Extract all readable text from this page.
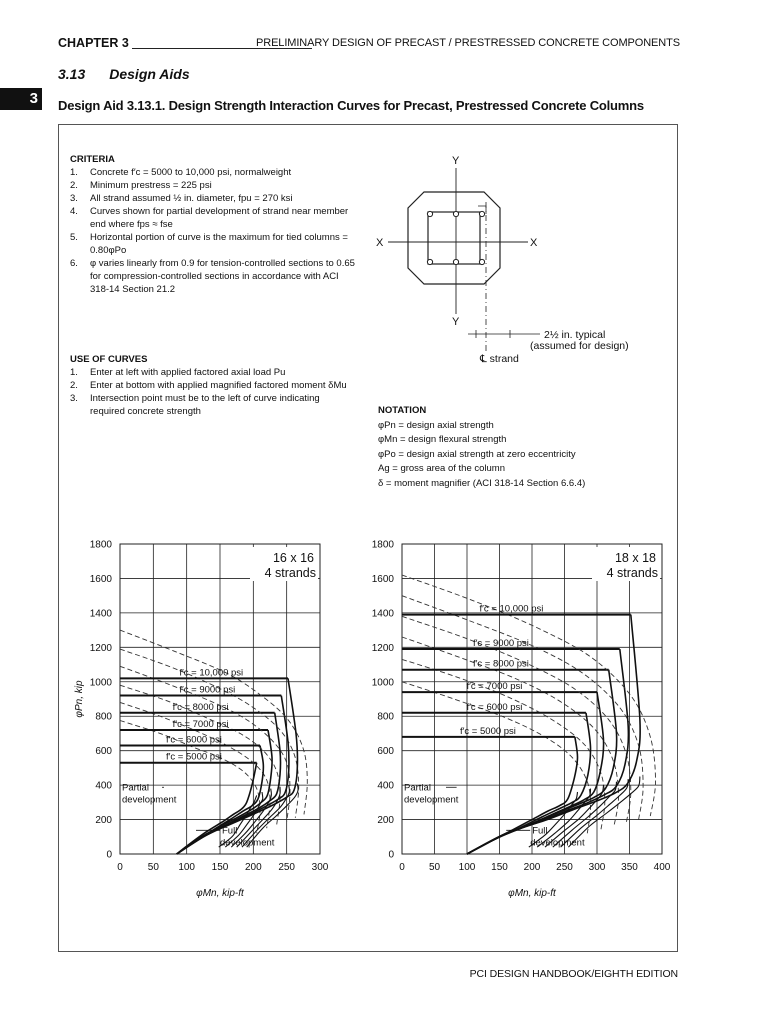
CHAPTER 3	PRELIMINARY DESIGN OF PRECAST / PRESTRESSED CONCRETE COMPONENTS
3.13 Design Aids
3	Design Aid 3.13.1. Design Strength Interaction Curves for Precast, Prestressed Concrete Columns
CRITERIA
1. Concrete f′c = 5000 to 10,000 psi, normalweight
2. Minimum prestress = 225 psi
3. All strand assumed ½ in. diameter, fpu = 270 ksi
4. Curves shown for partial development of strand near member end where fps ≈ fse
5. Horizontal portion of curve is the maximum for tied columns = 0.80φPo
6. φ varies linearly from 0.9 for tension-controlled sections to 0.65 for compression-controlled sections in accordance with ACI 318-14 Section 21.2
USE OF CURVES
1. Enter at left with applied factored axial load Pu
2. Enter at bottom with applied magnified factored moment δMu
3. Intersection point must be to the left of curve indicating required concrete strength	NOTATION
φPn = design axial strength
φMn = design flexural strength
φPo = design axial strength at zero eccentricity
Ag = gross area of the column
δ = moment magnifier (ACI 318-14 Section 6.6.4)
X	X
Y
Y
2½ in. typical
(assumed for design)
℄ strand
0 50 100 150 200 250 300
0
200
400
600
800
1000
1200
1400
1600
1800
16 x 16
4 strands
φMn, kip-ft
φPn, kip
f′c = 5000 psi
f′c = 6000 psi
f′c = 7000 psi
f′c = 8000 psi
f′c = 9000 psi
f′c = 10,000 psi
Partial
development
Full
development
0 50 100 150 200 250 300 350 400
0
200
400
600
800
1000
1200
1400
1600
1800
18 x 18
4 strands
φMn, kip-ft
f′c = 5000 psi
f′c = 6000 psi
f′c = 7000 psi
f′c = 8000 psi
f′c = 9000 psi
f′c = 10,000 psi
Partial
development
Full
development
PCI DESIGN HANDBOOK/EIGHTH EDITION
